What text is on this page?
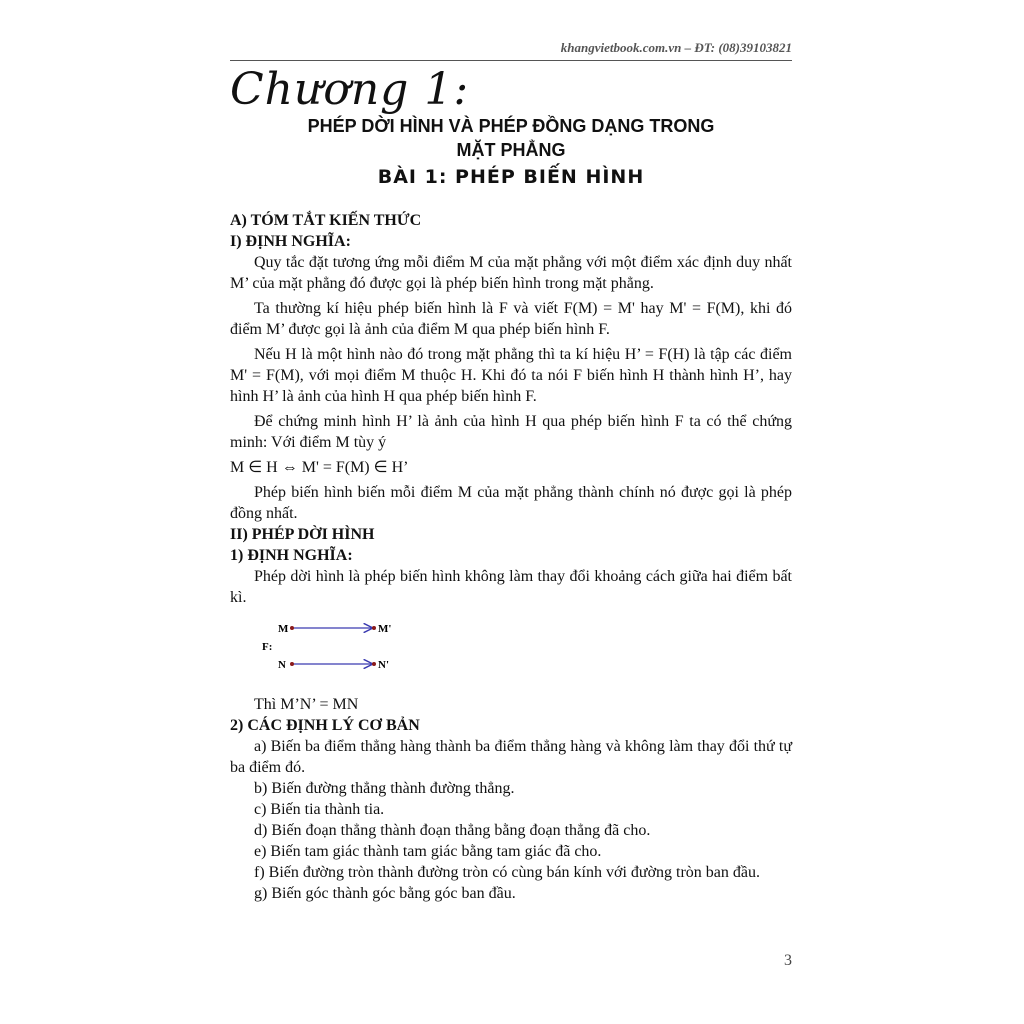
khangvietbook.com.vn – ĐT: (08)39103821
Chương 1:
PHÉP DỜI HÌNH VÀ PHÉP ĐỒNG DẠNG TRONG
MẶT PHẲNG
BÀI 1: PHÉP BIẾN HÌNH

A) TÓM TẮT KIẾN THỨC

I) ĐỊNH NGHĨA:

Quy tắc đặt tương ứng mỗi điểm M của mặt phẳng với một điểm xác định duy nhất M’ của mặt phẳng đó được gọi là phép biến hình trong mặt phẳng.

Ta thường kí hiệu phép biến hình là F và viết F(M) = M' hay M' = F(M), khi đó điểm M’ được gọi là ảnh của điểm M qua phép biến hình F.

Nếu H là một hình nào đó trong mặt phẳng thì ta kí hiệu H’ = F(H) là tập các điểm M' = F(M), với mọi điểm M thuộc H. Khi đó ta nói F biến hình H thành hình H’, hay hình H’ là ảnh của hình H qua phép biến hình F.

Để chứng minh hình H’ là ảnh của hình H qua phép biến hình F ta có thể chứng minh: Với điểm M tùy ý

M ∈ H ⇔ M' = F(M) ∈ H’

Phép biến hình biến mỗi điểm M của mặt phẳng thành chính nó được gọi là phép đồng nhất.

II) PHÉP DỜI HÌNH

1) ĐỊNH NGHĨA:

Phép dời hình là phép biến hình không làm thay đổi khoảng cách giữa hai điểm bất kì.

M	M'
F:
N	N'

Thì M’N’ = MN

2) CÁC ĐỊNH LÝ CƠ BẢN

a) Biến ba điểm thẳng hàng thành ba điểm thẳng hàng và không làm thay đổi thứ tự ba điểm đó.

b) Biến đường thẳng thành đường thẳng.

c) Biến tia thành tia.

d) Biến đoạn thẳng thành đoạn thẳng bằng đoạn thẳng đã cho.

e) Biến tam giác thành tam giác bằng tam giác đã cho.

f) Biến đường tròn thành đường tròn có cùng bán kính với đường tròn ban đầu.

g) Biến góc thành góc bằng góc ban đầu.

3
